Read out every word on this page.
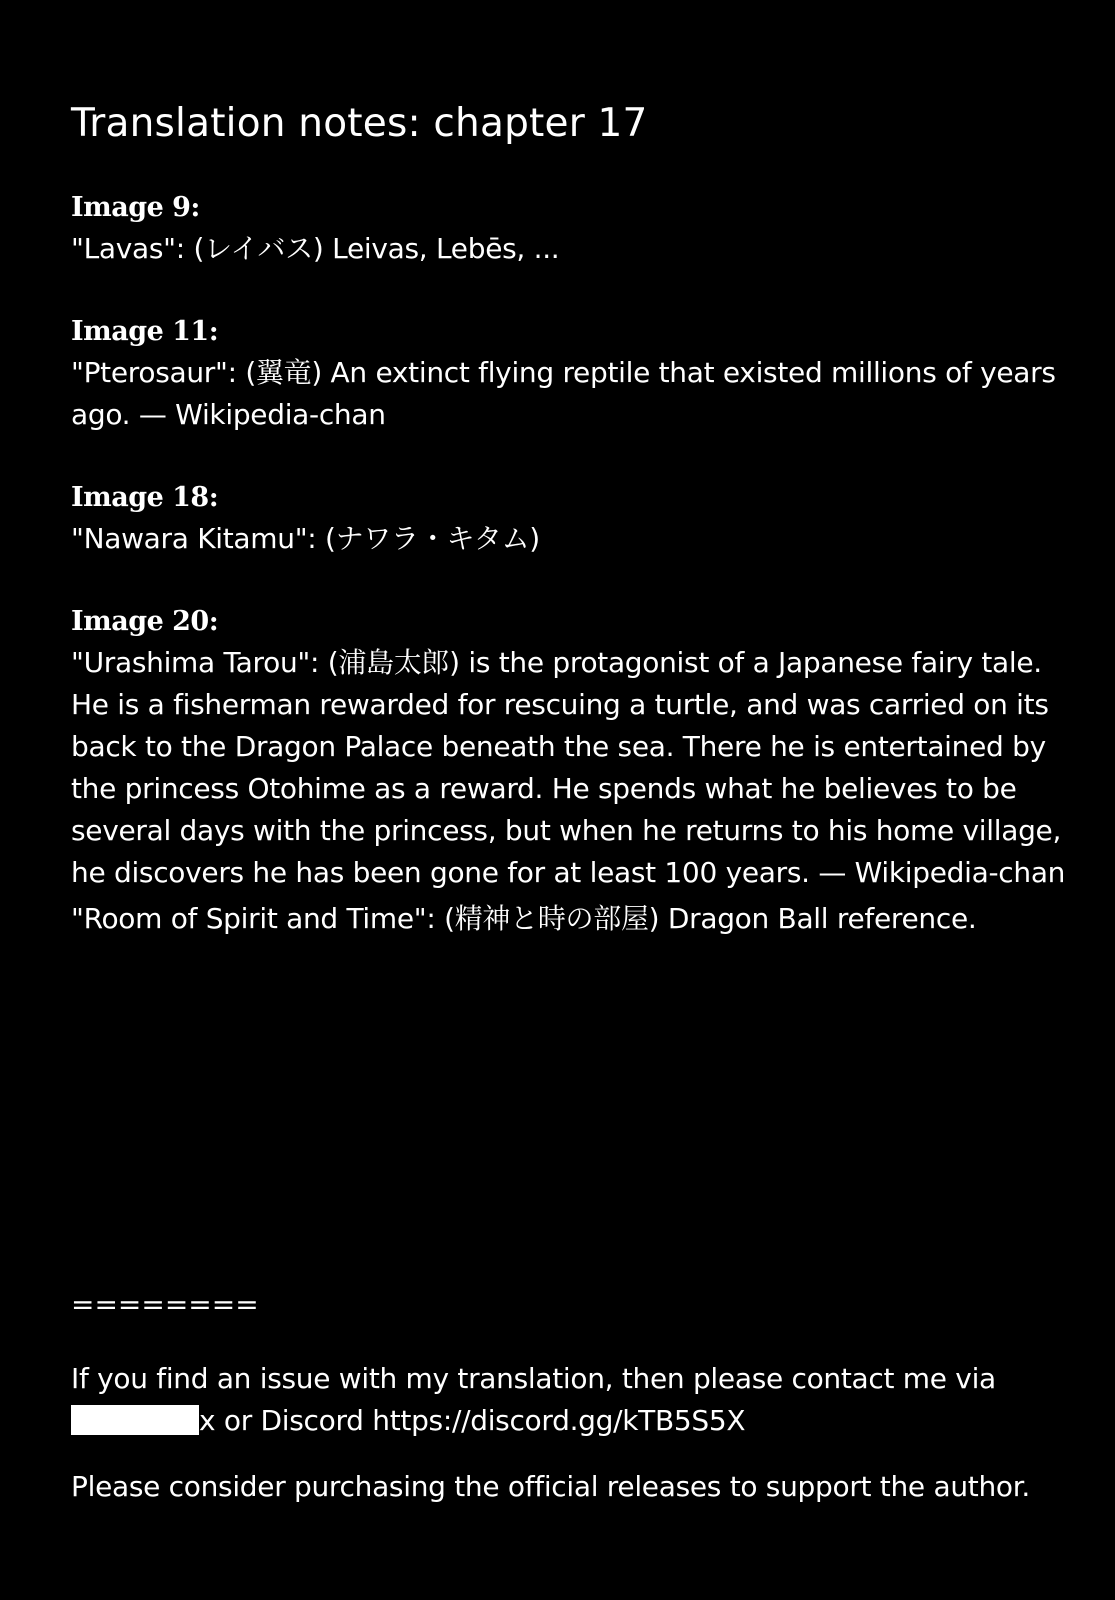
Translation notes: chapter 17
Image 9:
"Lavas": (レイバス) Leivas, Lebēs, ...
Image 11:
"Pterosaur": (翼竜) An extinct flying reptile that existed millions of years ago. — Wikipedia-chan
Image 18:
"Nawara Kitamu": (ナワラ・キタム)
Image 20:
"Urashima Tarou": (浦島太郎) is the protagonist of a Japanese fairy tale. He is a fisherman rewarded for rescuing a turtle, and was carried on its back to the Dragon Palace beneath the sea. There he is entertained by the princess Otohime as a reward. He spends what he believes to be several days with the princess, but when he returns to his home village, he discovers he has been gone for at least 100 years. — Wikipedia-chan
"Room of Spirit and Time": (精神と時の部屋) Dragon Ball reference.
========
If you find an issue with my translation, then please contact me via
x or Discord https://discord.gg/kTB5S5X
Please consider purchasing the official releases to support the author.
